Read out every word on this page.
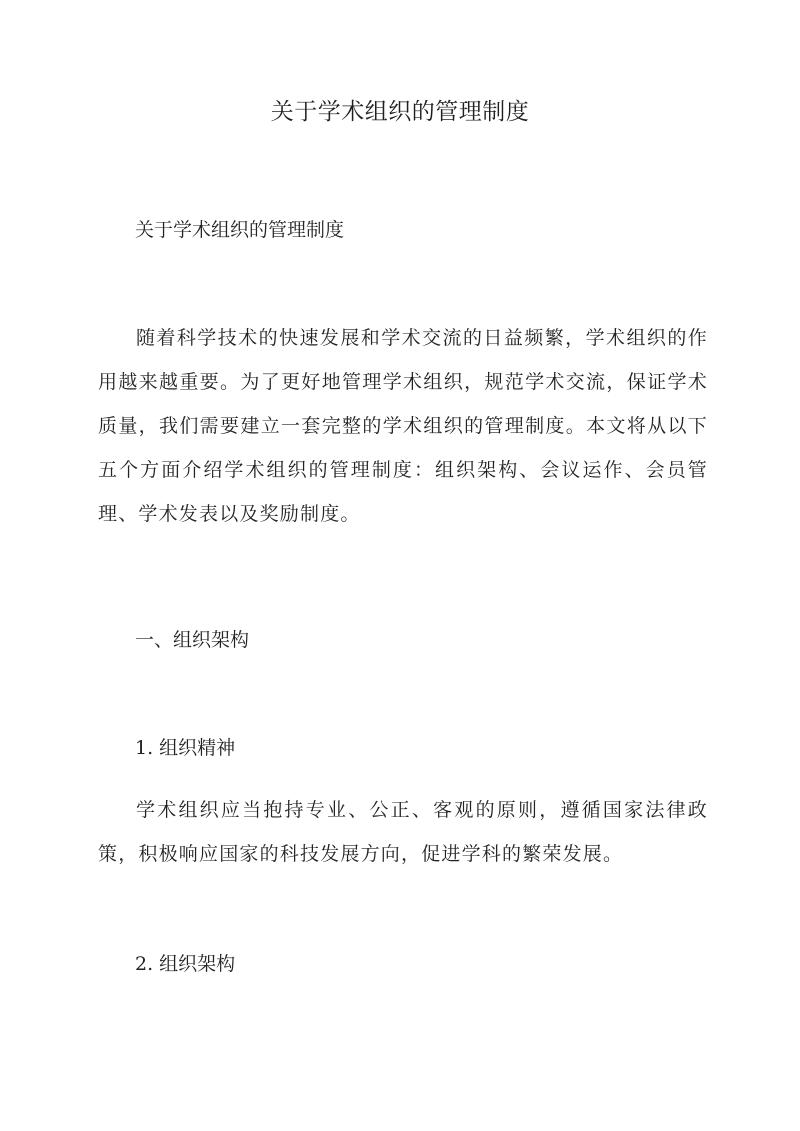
关于学术组织的管理制度
关于学术组织的管理制度
随着科学技术的快速发展和学术交流的日益频繁，学术组织的作用越来越重要。为了更好地管理学术组织，规范学术交流，保证学术质量，我们需要建立一套完整的学术组织的管理制度。本文将从以下五个方面介绍学术组织的管理制度：组织架构、会议运作、会员管理、学术发表以及奖励制度。
一、组织架构
1. 组织精神
学术组织应当抱持专业、公正、客观的原则，遵循国家法律政策，积极响应国家的科技发展方向，促进学科的繁荣发展。
2. 组织架构
